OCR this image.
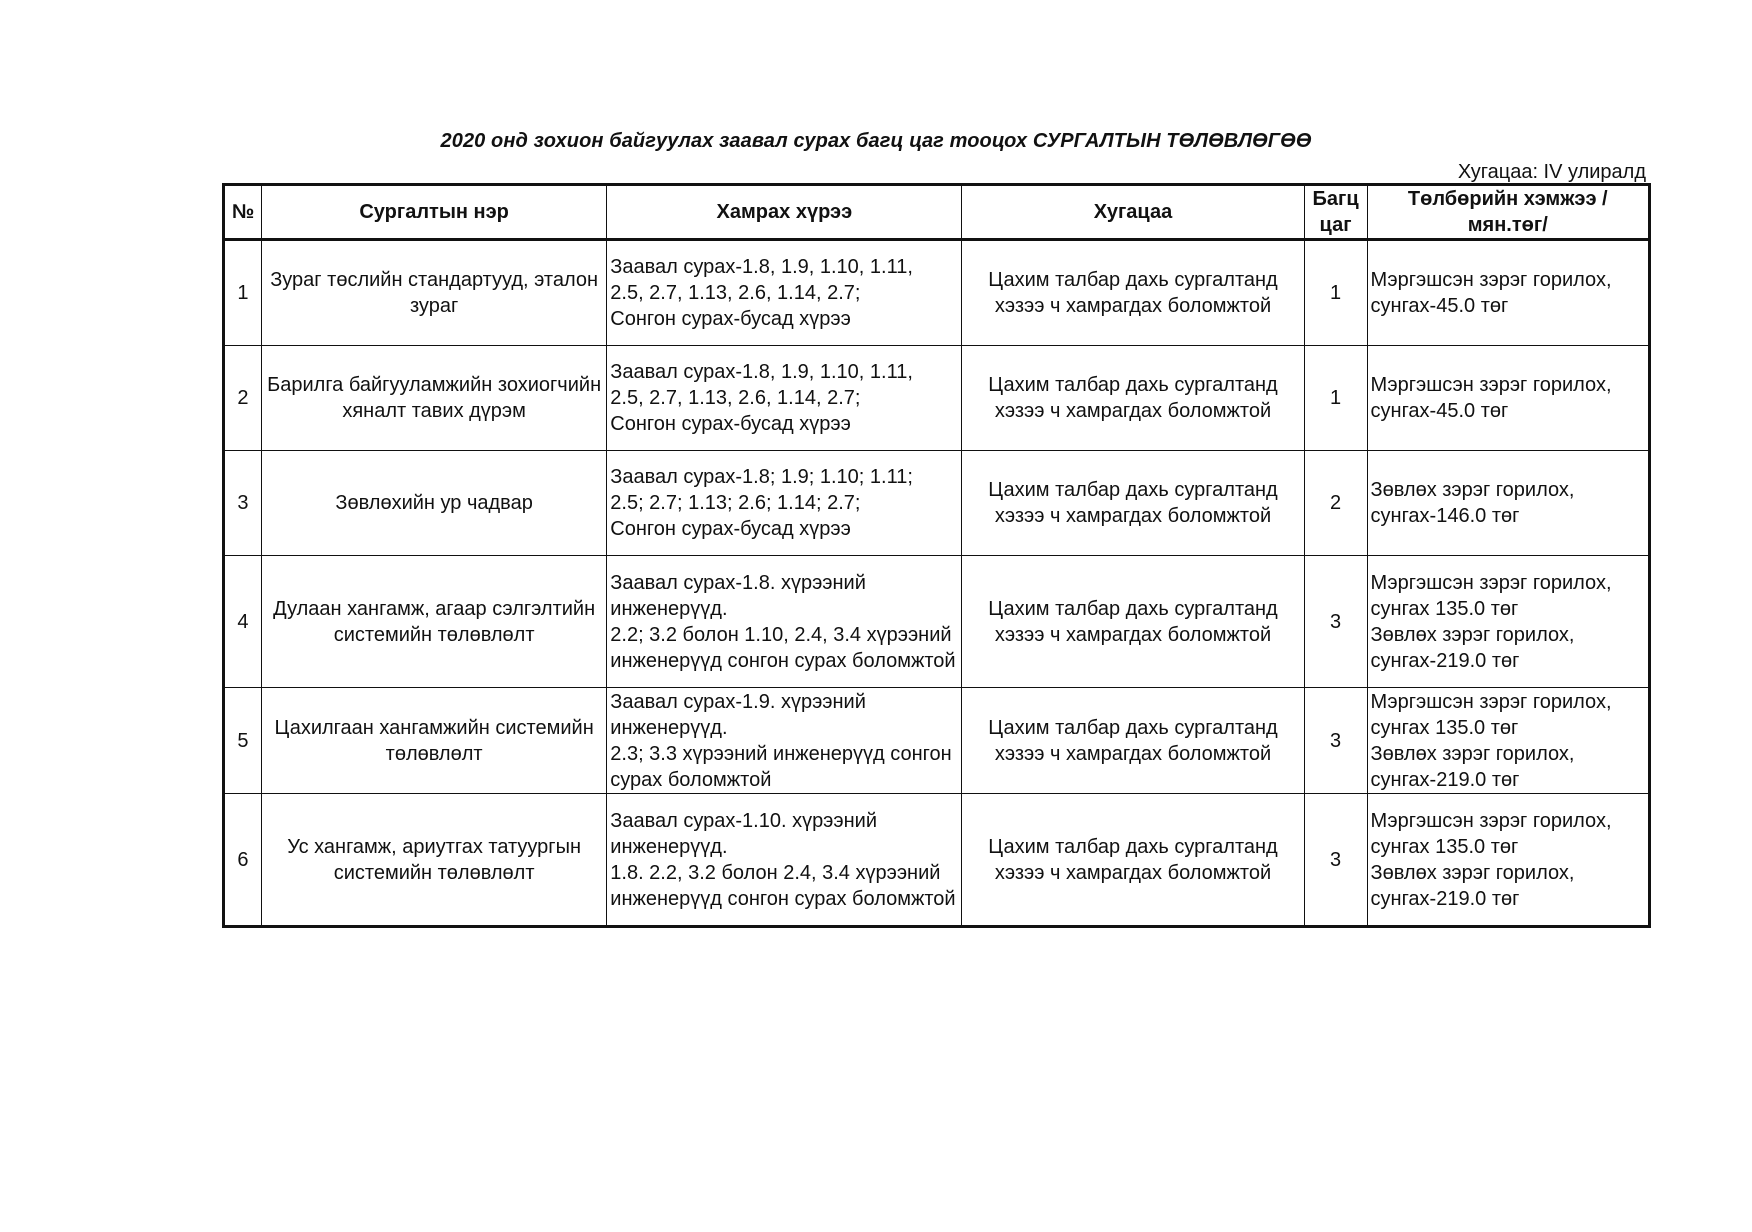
2020 онд зохион байгуулах заавал сурах багц цаг тооцох СУРГАЛТЫН ТӨЛӨВЛӨГӨӨ
Хугацаа: IV улиралд
№	Сургалтын нэр	Хамрах хүрээ	Хугацаа	Багц цаг	Төлбөрийн хэмжээ /мян.төг/
1	Зураг төслийн стандартууд, эталон зураг	Заавал сурах-1.8, 1.9, 1.10, 1.11,
2.5, 2.7, 1.13, 2.6, 1.14, 2.7;
Сонгон сурах-бусад хүрээ	Цахим талбар дахь сургалтанд хэзээ ч хамрагдах боломжтой	1	Мэргэшсэн зэрэг горилох,
сунгах-45.0 төг
2	Барилга байгууламжийн зохиогчийн хяналт тавих дүрэм	Заавал сурах-1.8, 1.9, 1.10, 1.11,
2.5, 2.7, 1.13, 2.6, 1.14, 2.7;
Сонгон сурах-бусад хүрээ	Цахим талбар дахь сургалтанд хэзээ ч хамрагдах боломжтой	1	Мэргэшсэн зэрэг горилох,
сунгах-45.0 төг
3	Зөвлөхийн ур чадвар	Заавал сурах-1.8; 1.9; 1.10; 1.11;
2.5; 2.7; 1.13; 2.6; 1.14; 2.7;
Сонгон сурах-бусад хүрээ	Цахим талбар дахь сургалтанд хэзээ ч хамрагдах боломжтой	2	Зөвлөх зэрэг горилох,
сунгах-146.0 төг
4	Дулаан хангамж, агаар сэлгэлтийн системийн төлөвлөлт	Заавал сурах-1.8. хүрээний инженерүүд.
2.2; 3.2 болон 1.10, 2.4, 3.4 хүрээний инженерүүд сонгон сурах боломжтой	Цахим талбар дахь сургалтанд хэзээ ч хамрагдах боломжтой	3	Мэргэшсэн зэрэг горилох,
сунгах 135.0 төг
Зөвлөх зэрэг горилох,
сунгах-219.0 төг
5	Цахилгаан хангамжийн системийн төлөвлөлт	Заавал сурах-1.9. хүрээний инженерүүд.
2.3; 3.3 хүрээний инженерүүд сонгон сурах боломжтой	Цахим талбар дахь сургалтанд хэзээ ч хамрагдах боломжтой	3	Мэргэшсэн зэрэг горилох,
сунгах 135.0 төг
Зөвлөх зэрэг горилох,
сунгах-219.0 төг
6	Ус хангамж, ариутгах татуургын системийн төлөвлөлт	Заавал сурах-1.10. хүрээний инженерүүд.
1.8. 2.2, 3.2 болон 2.4, 3.4 хүрээний инженерүүд сонгон сурах боломжтой	Цахим талбар дахь сургалтанд хэзээ ч хамрагдах боломжтой	3	Мэргэшсэн зэрэг горилох,
сунгах 135.0 төг
Зөвлөх зэрэг горилох,
сунгах-219.0 төг
